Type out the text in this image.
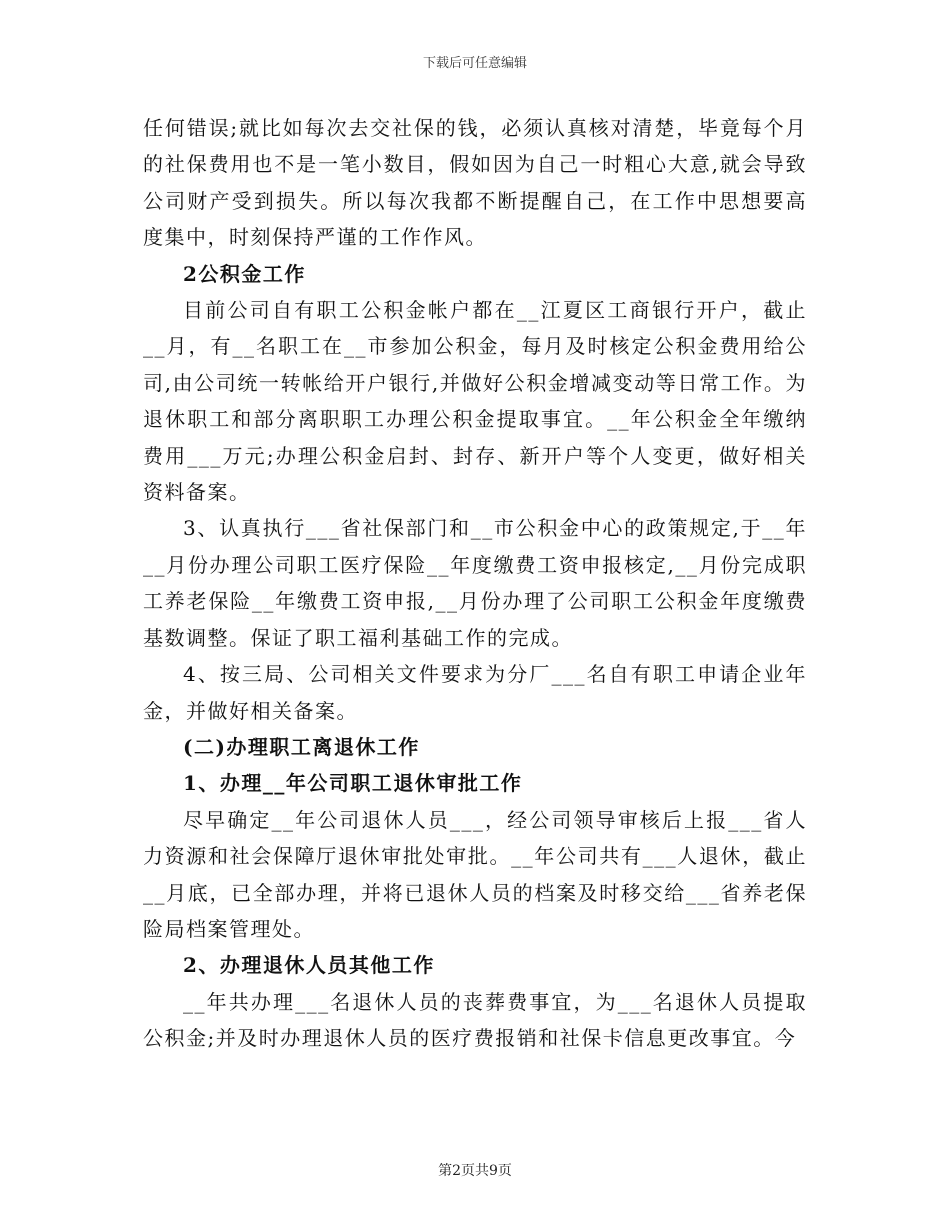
下载后可任意编辑

任何错误;就比如每次去交社保的钱，必须认真核对清楚，毕竟每个月的社保费用也不是一笔小数目，假如因为自己一时粗心大意,就会导致公司财产受到损失。所以每次我都不断提醒自己，在工作中思想要高度集中，时刻保持严谨的工作作风。

2公积金工作

目前公司自有职工公积金帐户都在__江夏区工商银行开户，截止__月，有__名职工在__市参加公积金，每月及时核定公积金费用给公司,由公司统一转帐给开户银行,并做好公积金增减变动等日常工作。为退休职工和部分离职职工办理公积金提取事宜。__年公积金全年缴纳费用___万元;办理公积金启封、封存、新开户等个人变更，做好相关资料备案。

3、认真执行___省社保部门和__市公积金中心的政策规定,于__年__月份办理公司职工医疗保险__年度缴费工资申报核定,__月份完成职工养老保险__年缴费工资申报,__月份办理了公司职工公积金年度缴费基数调整。保证了职工福利基础工作的完成。

4、按三局、公司相关文件要求为分厂___名自有职工申请企业年金，并做好相关备案。

(二)办理职工离退休工作

1、办理__年公司职工退休审批工作

尽早确定__年公司退休人员___，经公司领导审核后上报___省人力资源和社会保障厅退休审批处审批。__年公司共有___人退休，截止__月底，已全部办理，并将已退休人员的档案及时移交给___省养老保险局档案管理处。

2、办理退休人员其他工作

__年共办理___名退休人员的丧葬费事宜，为___名退休人员提取公积金;并及时办理退休人员的医疗费报销和社保卡信息更改事宜。今

第2页共9页
